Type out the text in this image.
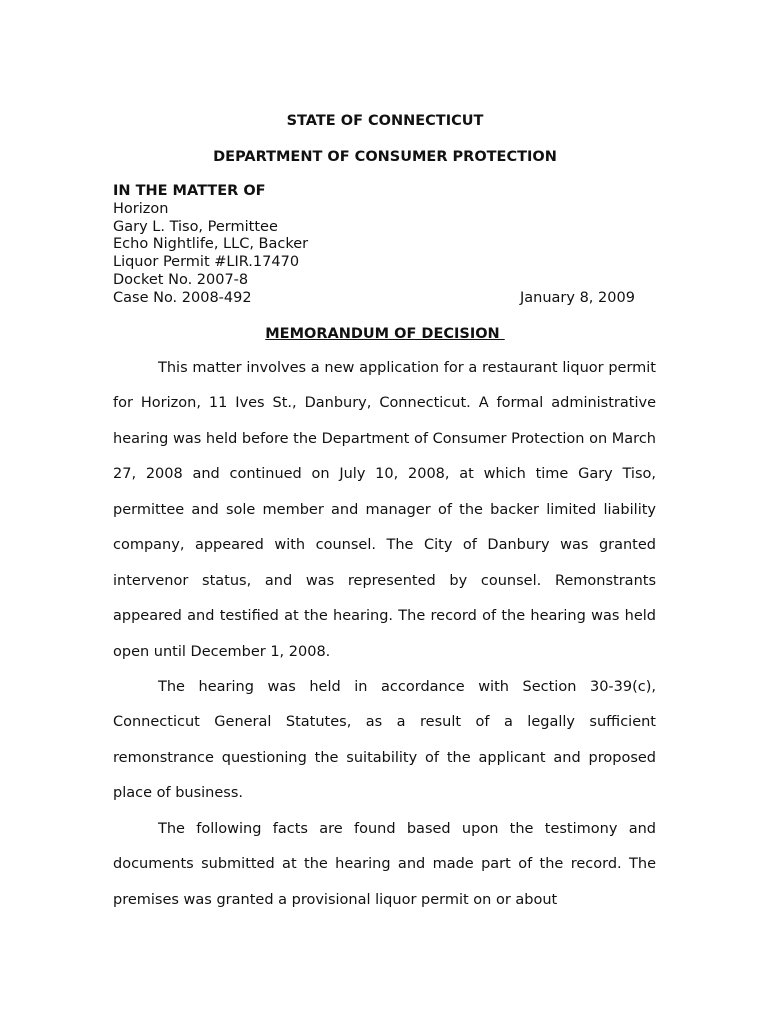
STATE OF CONNECTICUT
DEPARTMENT OF CONSUMER PROTECTION
IN THE MATTER OF
Horizon
Gary L. Tiso, Permittee
Echo Nightlife, LLC, Backer
Liquor Permit #LIR.17470
Docket No. 2007-8
Case No. 2008-492	January 8, 2009
MEMORANDUM OF DECISION

This matter involves a new application for a restaurant liquor permit for Horizon, 11 Ives St., Danbury, Connecticut. A formal administrative hearing was held before the Department of Consumer Protection on March 27, 2008 and continued on July 10, 2008, at which time Gary Tiso, permittee and sole member and manager of the backer limited liability company, appeared with counsel. The City of Danbury was granted intervenor status, and was represented by counsel. Remonstrants appeared and testified at the hearing. The record of the hearing was held open until December 1, 2008.

The hearing was held in accordance with Section 30-39(c), Connecticut General Statutes, as a result of a legally sufficient remonstrance questioning the suitability of the applicant and proposed place of business.

The following facts are found based upon the testimony and documents submitted at the hearing and made part of the record. The premises was granted a provisional liquor permit on or about
